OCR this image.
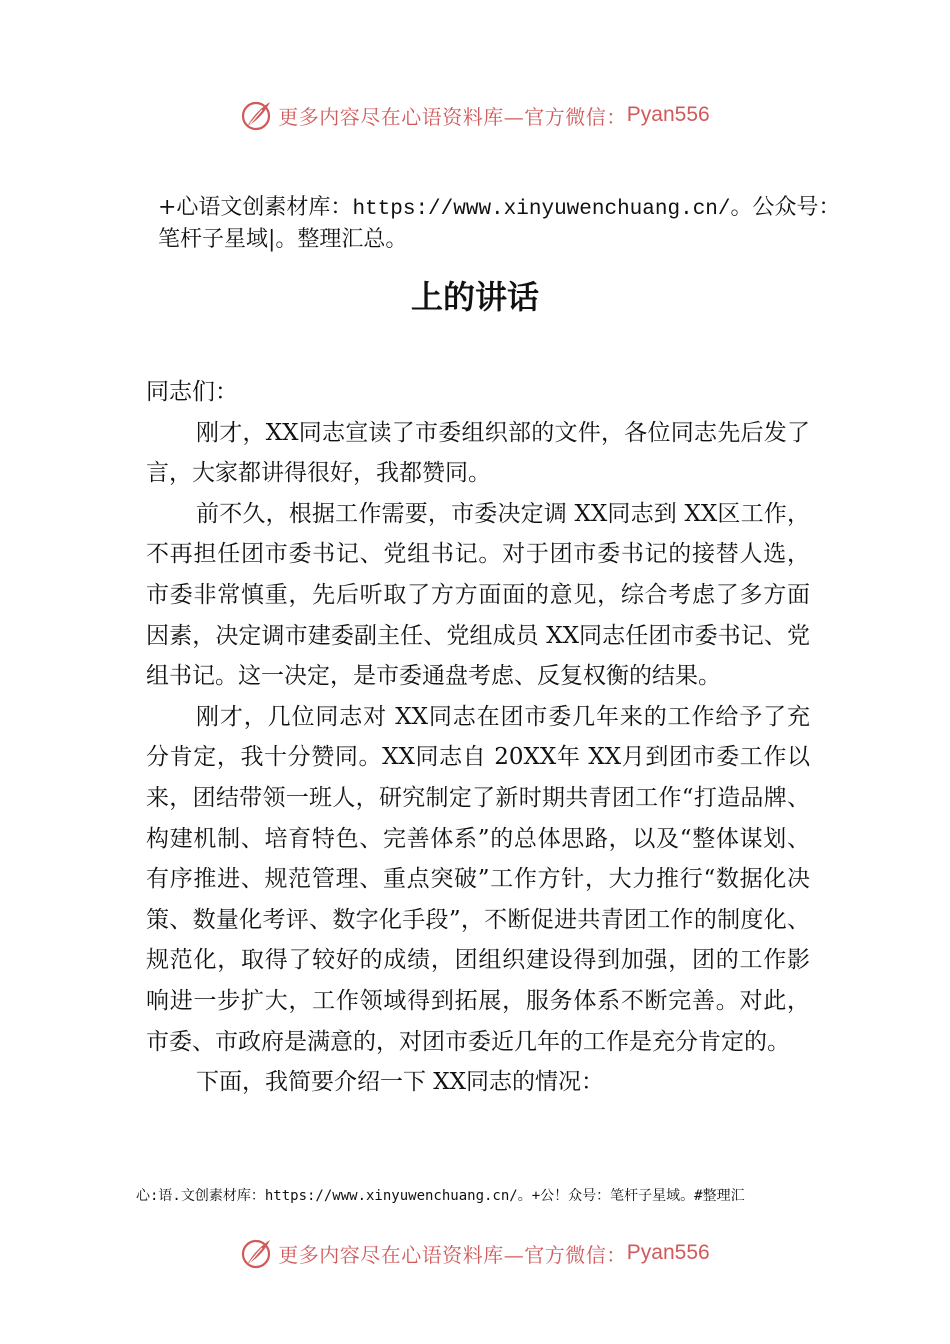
更多内容尽在心语资料库—官方微信： Pyan556
+心语文创素材库：https://www.xinyuwenchuang.cn/。公众号：笔杆子星域|。整理汇总。
上的讲话

同志们：

刚才，XX同志宣读了市委组织部的文件，各位同志先后发了言，大家都讲得很好，我都赞同。

前不久，根据工作需要，市委决定调 XX同志到 XX区工作，不再担任团市委书记、党组书记。对于团市委书记的接替人选，市委非常慎重，先后听取了方方面面的意见，综合考虑了多方面因素，决定调市建委副主任、党组成员 XX同志任团市委书记、党组书记。这一决定，是市委通盘考虑、反复权衡的结果。

刚才，几位同志对 XX同志在团市委几年来的工作给予了充分肯定，我十分赞同。XX同志自 20XX年 XX月到团市委工作以来，团结带领一班人，研究制定了新时期共青团工作“打造品牌、构建机制、培育特色、完善体系”的总体思路，以及“整体谋划、有序推进、规范管理、重点突破”工作方针，大力推行“数据化决策、数量化考评、数字化手段”，不断促进共青团工作的制度化、规范化，取得了较好的成绩，团组织建设得到加强，团的工作影响进一步扩大，工作领域得到拓展，服务体系不断完善。对此，市委、市政府是满意的，对团市委近几年的工作是充分肯定的。

下面，我简要介绍一下 XX同志的情况：

心:语.文创素材库：https://www.xinyuwenchuang.cn/。+公！众号：笔杆子星域。#整理汇
更多内容尽在心语资料库—官方微信： Pyan556
